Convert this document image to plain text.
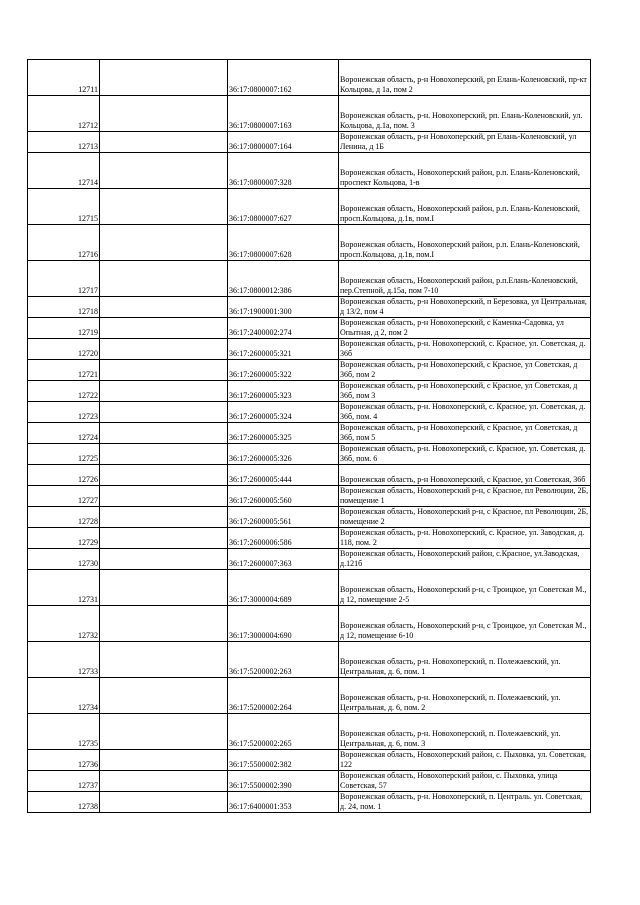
12711		36:17:0800007:162	Воронежская область, р-н Новохоперский, рп Елань-Коленовский, пр-кт Кольцова, д 1а, пом 2

12712		36:17:0800007:163	Воронежская область, р-н. Новохоперский, рп. Елань-Коленовский, ул. Кольцова, д.1а, пом. 3

12713		36:17:0800007:164	Воронежская область, р-н Новохоперский, рп Елань-Коленовский, ул Ленина, д 1Б

12714		36:17:0800007:328	Воронежская область, Новохоперский район, р.п. Елань-Коленовский, проспект Кольцова, 1-в

12715		36:17:0800007:627	Воронежская область, Новохоперский район, р.п. Елань-Коленовский, просп.Кольцова, д.1в, пом.I

12716		36:17:0800007:628	Воронежская область, Новохоперский район, р.п. Елань-Коленовский, просп.Кольцова, д.1в, пом.I

12717		36:17:0800012:386	Воронежская область, Новохоперский район, р.п.Елань-Коленовский, пер.Степной, д.15а, пом 7-10

12718		36:17:1900001:300	Воронежская область, р-н Новохоперский, п Березовка, ул Центральная, д 13/2, пом 4

12719		36:17:2400002:274	Воронежская область, р-н Новохоперский, с Каменка-Садовка, ул Опытная, д 2, пом 2

12720		36:17:2600005:321	Воронежская область, р-н. Новохоперский, с. Красное, ул. Советская, д. 36б

12721		36:17:2600005:322	Воронежская область, р-н Новохоперский, с Красное, ул Советская, д 36б, пом 2

12722		36:17:2600005:323	Воронежская область, р-н Новохоперский, с Красное, ул Советская, д 36б, пом 3

12723		36:17:2600005:324	Воронежская область, р-н. Новохоперский, с. Красное, ул. Советская, д. 36б, пом. 4

12724		36:17:2600005:325	Воронежская область, р-н Новохоперский, с Красное, ул Советская, д 36б, пом 5

12725		36:17:2600005:326	Воронежская область, р-н. Новохоперский, с. Красное, ул. Советская, д. 36б, пом. 6

12726		36:17:2600005:444	Воронежская область, р-н Новохоперский, с Красное, ул Советская, 36б

12727		36:17:2600005:560	Воронежская область, Новохоперский р-н, с Красное, пл Революции, 2Б, помещение 1

12728		36:17:2600005:561	Воронежская область, Новохоперский р-н, с Красное, пл Революции, 2Б, помещение 2

12729		36:17:2600006:586	Воронежская область, р-н. Новохоперский, с. Красное, ул. Заводская, д. 118, пом. 2

12730		36:17:2600007:363	Воронежская область, Новохоперский район, с.Красное, ул.Заводская, д.121б

12731		36:17:3000004:689	Воронежская область, Новохоперский р-н, с Троицкое, ул Советская М., д 12, помещение 2-5

12732		36:17:3000004:690	Воронежская область, Новохоперский р-н, с Троицкое, ул Советская М., д 12, помещение 6-10

12733		36:17:5200002:263	Воронежская область, р-н. Новохоперский, п. Полежаевский, ул. Центральная, д. 6, пом. 1

12734		36:17:5200002:264	Воронежская область, р-н. Новохоперский, п. Полежаевский, ул. Центральная, д. 6, пом. 2

12735		36:17:5200002:265	Воронежская область, р-н. Новохоперский, п. Полежаевский, ул. Центральная, д. 6, пом. 3

12736		36:17:5500002:382	Воронежская область, Новохоперский район, с. Пыховка, ул. Советская, 122

12737		36:17:5500002:390	Воронежская область, Новохоперский район, с. Пыховка, улица Советская, 57

12738		36:17:6400001:353	Воронежская область, р-н. Новохоперский, п. Централь. ул. Советская, д. 24, пом. 1
